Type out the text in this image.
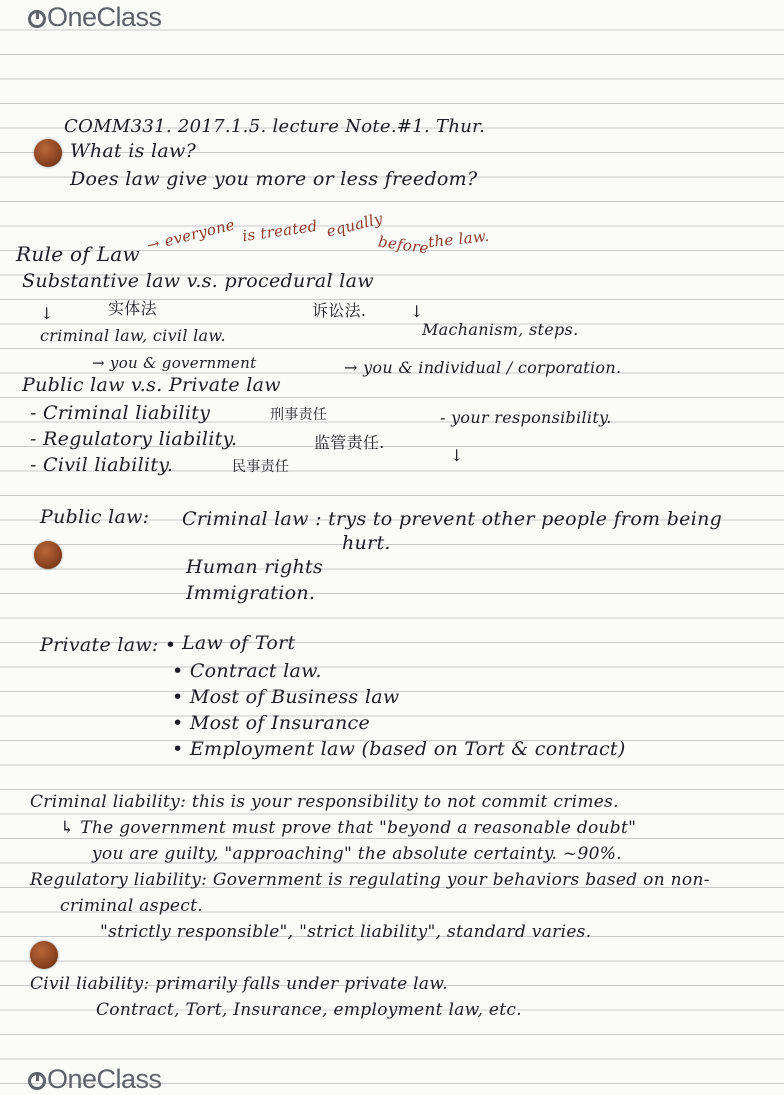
OneClass
COMM331. 2017.1.5. lecture Note.#1. Thur.
What is law?
Does law give you more or less freedom?
Rule of Law → everyone is treated equally
before
the law.
Substantive law v.s. procedural law
实体法	诉讼法.
↓	↓
criminal law, civil law.	Machanism, steps.
→ you & government
Public law v.s. Private law
→ you & individual / corporation.
- Criminal liability
- Regulatory liability.
- Civil liability.
刑事责任
监管责任.
民事责任
- your responsibility.
↓
Public law: Criminal law : trys to prevent other people from being
hurt.
Human rights
Immigration.
Private law: • Law of Tort
• Contract law.
• Most of Business law
• Most of Insurance
• Employment law (based on Tort & contract)
Criminal liability: this is your responsibility to not commit crimes.
↳ The government must prove that "beyond a reasonable doubt"
you are guilty, "approaching" the absolute certainty. ~90%.
Regulatory liability: Government is regulating your behaviors based on non-
criminal aspect.
"strictly responsible", "strict liability", standard varies.
Civil liability: primarily falls under private law.
Contract, Tort, Insurance, employment law, etc.
OneClass
